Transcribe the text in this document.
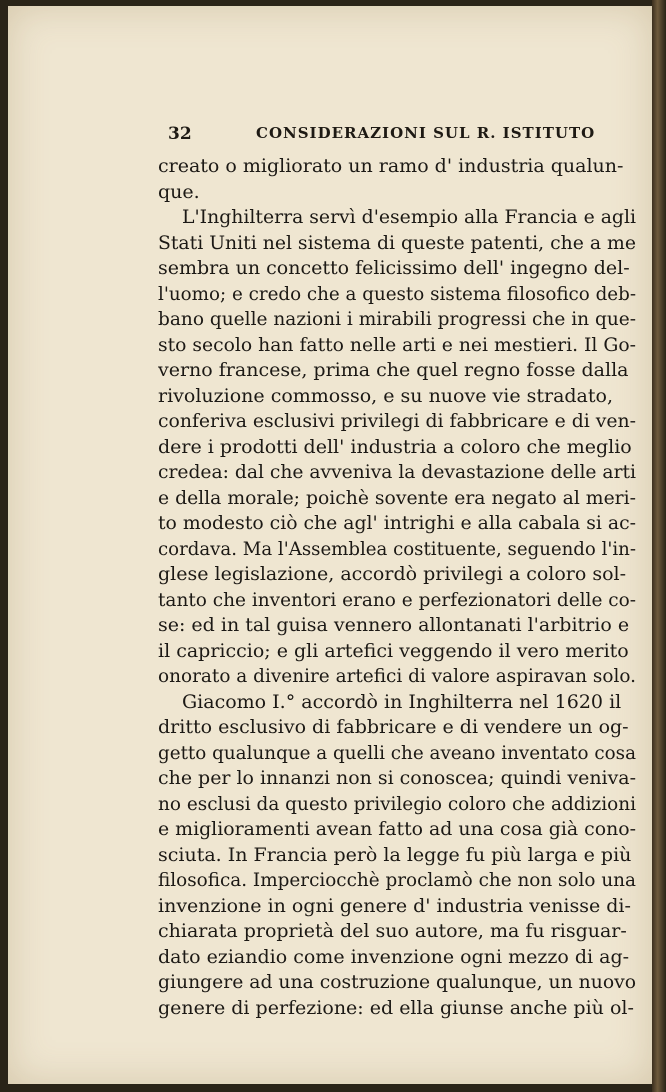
32	CONSIDERAZIONI SUL R. ISTITUTO
creato o migliorato un ramo d' industria qualun-
que.
L'Inghilterra servì d'esempio alla Francia e agli
Stati Uniti nel sistema di queste patenti, che a me
sembra un concetto felicissimo dell' ingegno del-
l'uomo; e credo che a questo sistema filosofico deb-
bano quelle nazioni i mirabili progressi che in que-
sto secolo han fatto nelle arti e nei mestieri. Il Go-
verno francese, prima che quel regno fosse dalla
rivoluzione commosso, e su nuove vie stradato,
conferiva esclusivi privilegi di fabbricare e di ven-
dere i prodotti dell' industria a coloro che meglio
credea: dal che avveniva la devastazione delle arti
e della morale; poichè sovente era negato al meri-
to modesto ciò che agl' intrighi e alla cabala si ac-
cordava. Ma l'Assemblea costituente, seguendo l'in-
glese legislazione, accordò privilegi a coloro sol-
tanto che inventori erano e perfezionatori delle co-
se: ed in tal guisa vennero allontanati l'arbitrio e
il capriccio; e gli artefici veggendo il vero merito
onorato a divenire artefici di valore aspiravan solo.
Giacomo I.° accordò in Inghilterra nel 1620 il
dritto esclusivo di fabbricare e di vendere un og-
getto qualunque a quelli che aveano inventato cosa
che per lo innanzi non si conoscea; quindi veniva-
no esclusi da questo privilegio coloro che addizioni
e miglioramenti avean fatto ad una cosa già cono-
sciuta. In Francia però la legge fu più larga e più
filosofica. Imperciocchè proclamò che non solo una
invenzione in ogni genere d' industria venisse di-
chiarata proprietà del suo autore, ma fu risguar-
dato eziandio come invenzione ogni mezzo di ag-
giungere ad una costruzione qualunque, un nuovo
genere di perfezione: ed ella giunse anche più ol-
